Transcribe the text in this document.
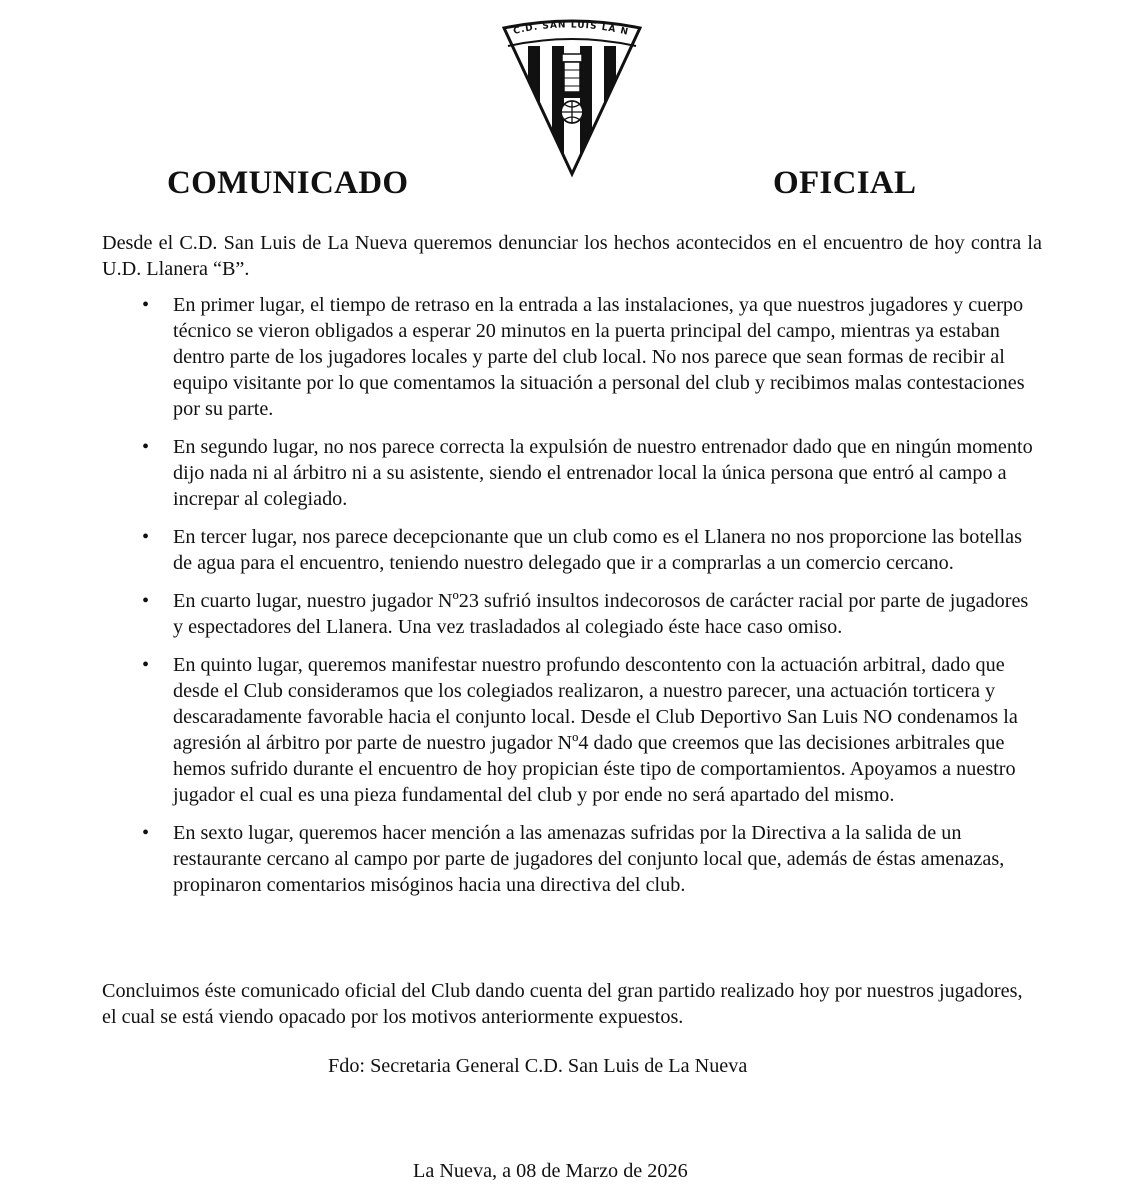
C.D. SAN LUIS LA N
COMUNICADO	OFICIAL

Desde el C.D. San Luis de La Nueva queremos denunciar los hechos acontecidos en el encuentro de hoy contra la U.D. Llanera “B”.

• En primer lugar, el tiempo de retraso en la entrada a las instalaciones, ya que nuestros jugadores y cuerpo técnico se vieron obligados a esperar 20 minutos en la puerta principal del campo, mientras ya estaban dentro parte de los jugadores locales y parte del club local. No nos parece que sean formas de recibir al equipo visitante por lo que comentamos la situación a personal del club y recibimos malas contestaciones por su parte.
• En segundo lugar, no nos parece correcta la expulsión de nuestro entrenador dado que en ningún momento dijo nada ni al árbitro ni a su asistente, siendo el entrenador local la única persona que entró al campo a increpar al colegiado.
• En tercer lugar, nos parece decepcionante que un club como es el Llanera no nos proporcione las botellas de agua para el encuentro, teniendo nuestro delegado que ir a comprarlas a un comercio cercano.
• En cuarto lugar, nuestro jugador Nº23 sufrió insultos indecorosos de carácter racial por parte de jugadores y espectadores del Llanera. Una vez trasladados al colegiado éste hace caso omiso.
• En quinto lugar, queremos manifestar nuestro profundo descontento con la actuación arbitral, dado que desde el Club consideramos que los colegiados realizaron, a nuestro parecer, una actuación torticera y descaradamente favorable hacia el conjunto local. Desde el Club Deportivo San Luis NO condenamos la agresión al árbitro por parte de nuestro jugador Nº4 dado que creemos que las decisiones arbitrales que hemos sufrido durante el encuentro de hoy propician éste tipo de comportamientos. Apoyamos a nuestro jugador el cual es una pieza fundamental del club y por ende no será apartado del mismo.
• En sexto lugar, queremos hacer mención a las amenazas sufridas por la Directiva a la salida de un restaurante cercano al campo por parte de jugadores del conjunto local que, además de éstas amenazas, propinaron comentarios misóginos hacia una directiva del club.

Concluimos éste comunicado oficial del Club dando cuenta del gran partido realizado hoy por nuestros jugadores, el cual se está viendo opacado por los motivos anteriormente expuestos.

Fdo: Secretaria General C.D. San Luis de La Nueva

La Nueva, a 08 de Marzo de 2026
